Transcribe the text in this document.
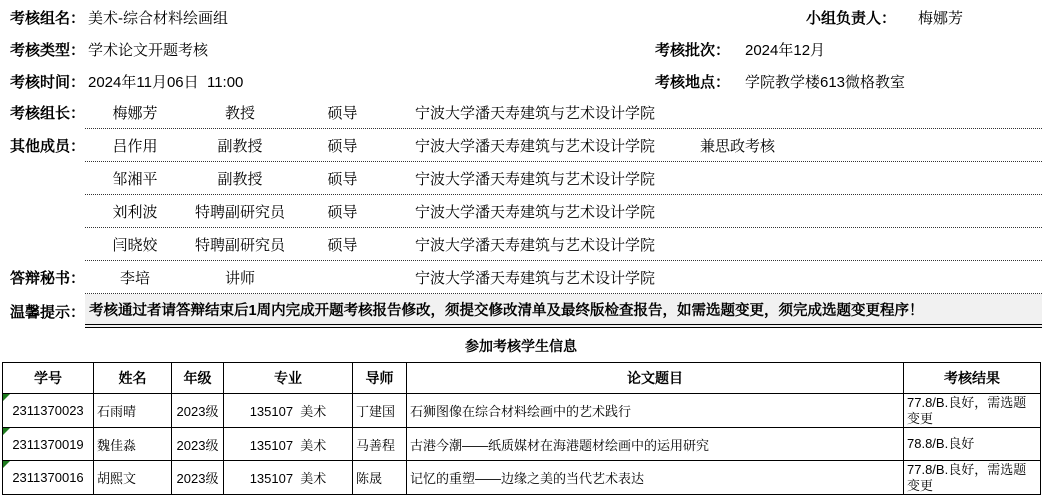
考核组名： 美术-综合材料绘画组	小组负责人： 梅娜芳
考核类型： 学术论文开题考核	考核批次： 2024年12月
考核时间： 2024年11月06日  11:00	考核地点： 学院教学楼613微格教室
考核组长：	梅娜芳	教授	硕导	宁波大学潘天寿建筑与艺术设计学院
其他成员：	吕作用	副教授	硕导	宁波大学潘天寿建筑与艺术设计学院	兼思政考核
邹湘平	副教授	硕导	宁波大学潘天寿建筑与艺术设计学院
刘利波	特聘副研究员	硕导	宁波大学潘天寿建筑与艺术设计学院
闫晓姣	特聘副研究员	硕导	宁波大学潘天寿建筑与艺术设计学院
答辩秘书：	李培	讲师	宁波大学潘天寿建筑与艺术设计学院
温馨提示： 考核通过者请答辩结束后1周内完成开题考核报告修改，须提交修改清单及最终版检查报告，如需选题变更，须完成选题变更程序！
参加考核学生信息
学号	姓名	年级	专业	导师	论文题目	考核结果

2311370023	石雨晴	2023级	135107  美术	丁建国	石狮图像在综合材料绘画中的艺术践行	77.8/B.良好，需选题变更

2311370019	魏佳淼	2023级	135107  美术	马善程	古港今潮——纸质媒材在海港题材绘画中的运用研究	78.8/B.良好

2311370016	胡熙文	2023级	135107  美术	陈晟	记忆的重塑——边缘之美的当代艺术表达	77.8/B.良好，需选题变更
